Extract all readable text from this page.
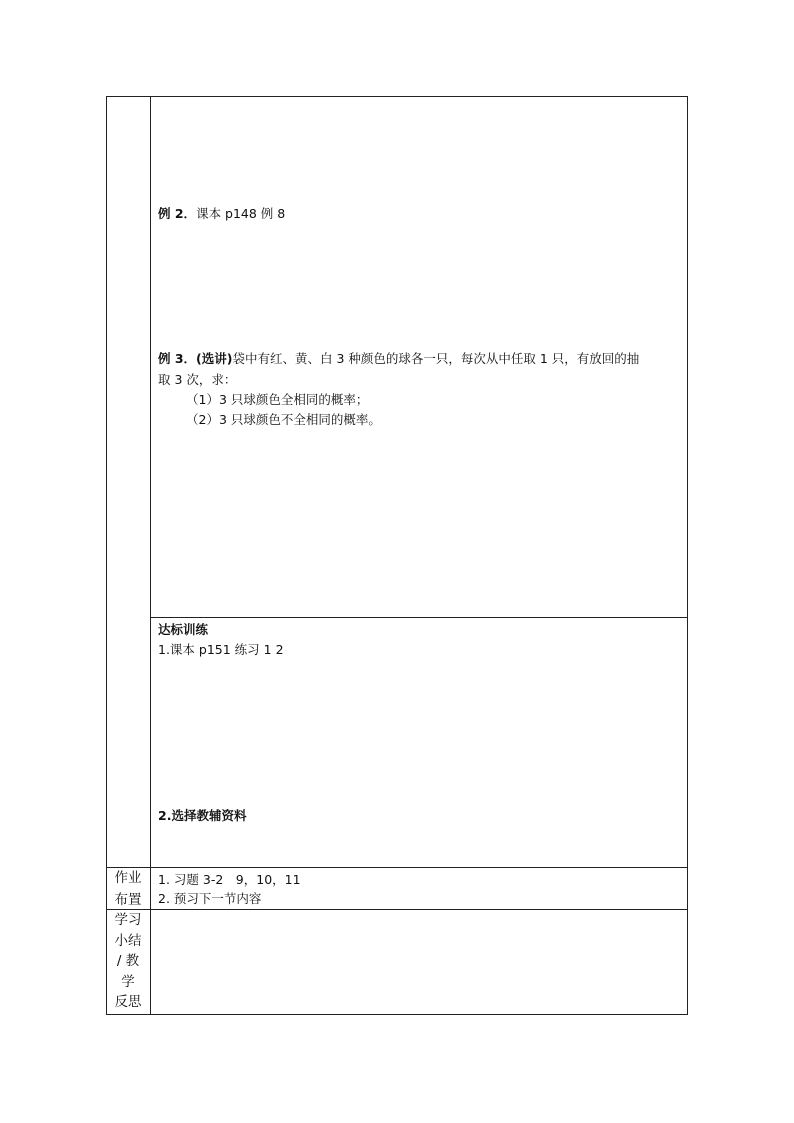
例 2．课本 p148 例 8
例 3．(选讲)袋中有红、黄、白 3 种颜色的球各一只，每次从中任取 1 只，有放回的抽
取 3 次，求：
（1）3 只球颜色全相同的概率；
（2）3 只球颜色不全相同的概率。
达标训练
1.课本 p151 练习 1 2
2.选择教辅资料
作业
布置
1. 习题 3-2　9，10，11
2. 预习下一节内容
学习
小结
/ 教
学
反思
